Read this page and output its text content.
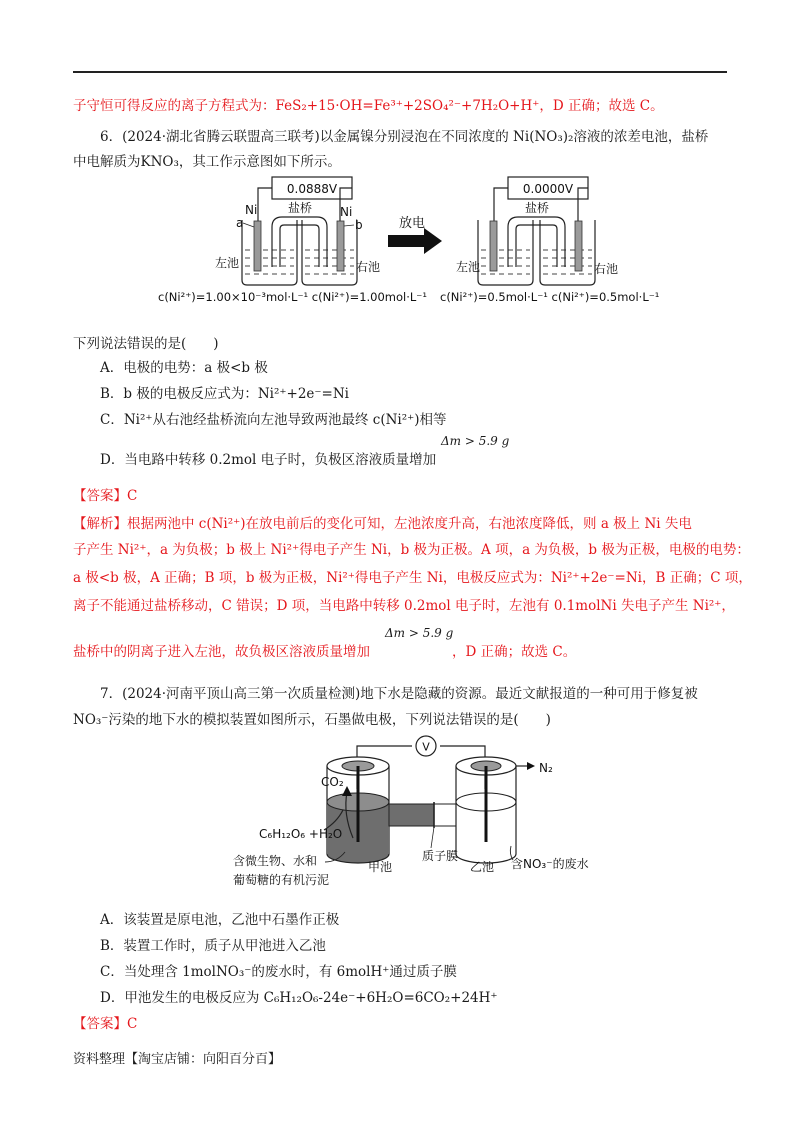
子守恒可得反应的离子方程式为：FeS₂+15·OH=Fe³⁺+2SO₄²⁻+7H₂O+H⁺，D 正确；故选 C。
6．(2024·湖北省腾云联盟高三联考)以金属镍分别浸泡在不同浓度的 Ni(NO₃)₂溶液的浓差电池，盐桥
中电解质为KNO₃，其工作示意图如下所示。
0.0888V
盐桥
Ni
a
Ni
b
左池	右池
放电
0.0000V
盐桥
左池	右池
c(Ni²⁺)=1.00×10⁻³mol·L⁻¹ c(Ni²⁺)=1.00mol·L⁻¹ c(Ni²⁺)=0.5mol·L⁻¹ c(Ni²⁺)=0.5mol·L⁻¹
下列说法错误的是(　　)
A．电极的电势：a 极<b 极
B．b 极的电极反应式为：Ni²⁺+2e⁻=Ni
C．Ni²⁺从右池经盐桥流向左池导致两池最终 c(Ni²⁺)相等
D．当电路中转移 0.2mol 电子时，负极区溶液质量增加
Δm > 5.9 g
【答案】C
【解析】根据两池中 c(Ni²⁺)在放电前后的变化可知，左池浓度升高，右池浓度降低，则 a 极上 Ni 失电
子产生 Ni²⁺，a 为负极；b 极上 Ni²⁺得电子产生 Ni，b 极为正极。A 项，a 为负极，b 极为正极，电极的电势：
a 极<b 极，A 正确；B 项，b 极为正极，Ni²⁺得电子产生 Ni，电极反应式为：Ni²⁺+2e⁻=Ni，B 正确；C 项，
离子不能通过盐桥移动，C 错误；D 项，当电路中转移 0.2mol 电子时，左池有 0.1molNi 失电子产生 Ni²⁺，
盐桥中的阴离子进入左池，故负极区溶液质量增加
Δm > 5.9 g
，D 正确；故选 C。
7．(2024·河南平顶山高三第一次质量检测)地下水是隐藏的资源。最近文献报道的一种可用于修复被
NO₃⁻污染的地下水的模拟装置如图所示，石墨做电极，下列说法错误的是(　　)
V
CO₂
C₆H₁₂O₆ +H₂O
N₂
质子膜
甲池	乙池
含微生物、水和
葡萄糖的有机污泥
含NO₃⁻的废水
A．该装置是原电池，乙池中石墨作正极
B．装置工作时，质子从甲池进入乙池
C．当处理含 1molNO₃⁻的废水时，有 6molH⁺通过质子膜
D．甲池发生的电极反应为 C₆H₁₂O₆-24e⁻+6H₂O=6CO₂+24H⁺
【答案】C
资料整理【淘宝店铺：向阳百分百】
